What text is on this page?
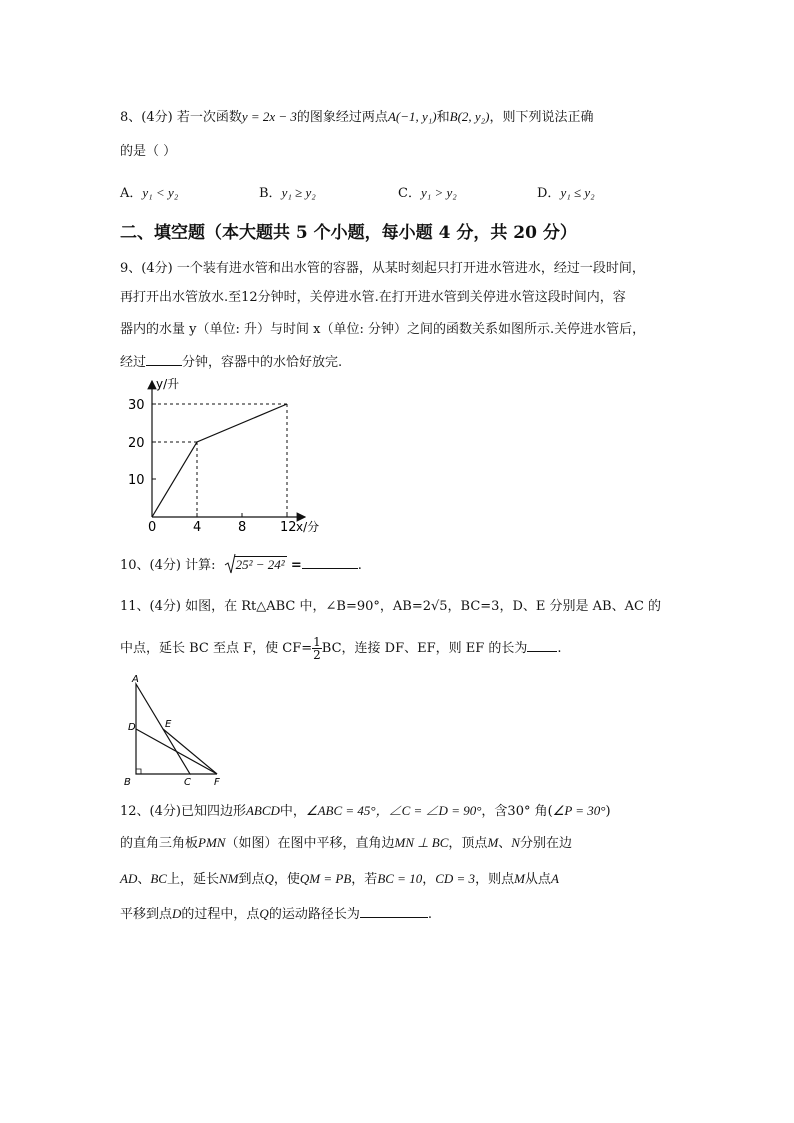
8、(4分) 若一次函数y = 2x − 3的图象经过两点A(−1, y₁)和B(2, y₂)，则下列说法正确
的是（ ）
A．y₁ < y₂	B．y₁ ≥ y₂	C．y₁ > y₂	D．y₁ ≤ y₂
二、填空题（本大题共 5 个小题，每小题 4 分，共 20 分）
9、(4分) 一个装有进水管和出水管的容器，从某时刻起只打开进水管进水，经过一段时间，
再打开出水管放水.至12分钟时，关停进水管.在打开进水管到关停进水管这段时间内，容
器内的水量 y（单位: 升）与时间 x（单位: 分钟）之间的函数关系如图所示.关停进水管后，
经过	分钟，容器中的水恰好放完.
y/升
x/分
0
30
20
10
4	8	12
10、(4分) 计算: 25² − 24² =	.
11、(4分) 如图，在 Rt△ABC 中，∠B=90°，AB=2√5，BC=3，D、E 分别是 AB、AC 的
中点，延长 BC 至点 F，使 $CF= \frac{1}{2}$ BC，连接 DF、EF，则 EF 的长为 .
A
D	E
B	C F
12、(4分)已知四边形ABCD中，∠ABC = 45°，∠C = ∠D = 90°，含30° 角(∠P = 30°)
的直角三角板PMN（如图）在图中平移，直角边MN ⊥ BC，顶点M、N分别在边
AD、BC上，延长NM到点Q，使QM = PB，若BC = 10，CD = 3，则点M从点A
平移到点D的过程中，点Q的运动路径长为	.
